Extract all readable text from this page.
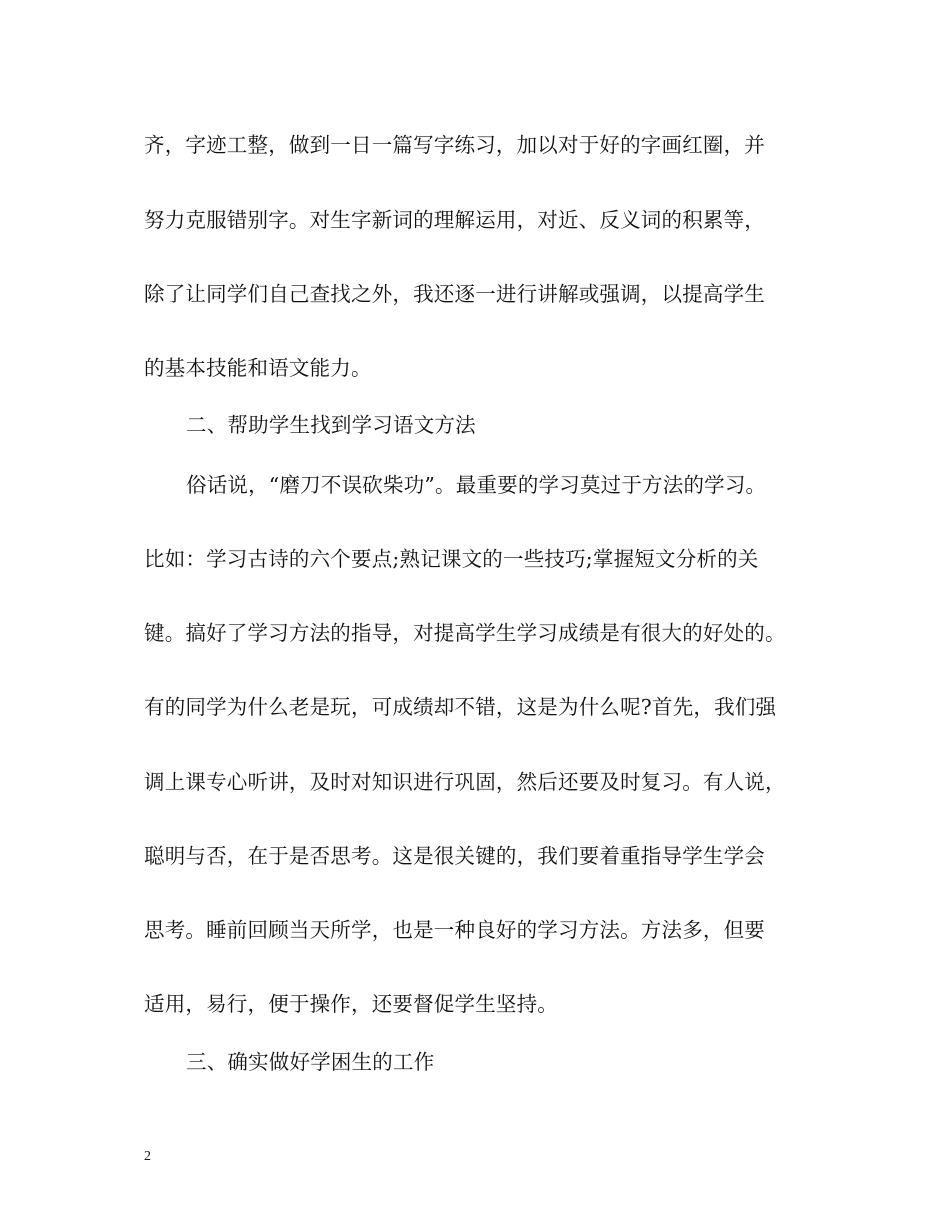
齐，字迹工整，做到一日一篇写字练习，加以对于好的字画红圈，并
努力克服错别字。对生字新词的理解运用，对近、反义词的积累等，
除了让同学们自己查找之外，我还逐一进行讲解或强调，以提高学生
的基本技能和语文能力。
二、帮助学生找到学习语文方法
俗话说，“磨刀不误砍柴功”。最重要的学习莫过于方法的学习。
比如：学习古诗的六个要点;熟记课文的一些技巧;掌握短文分析的关
键。搞好了学习方法的指导，对提高学生学习成绩是有很大的好处的。
有的同学为什么老是玩，可成绩却不错，这是为什么呢?首先，我们强
调上课专心听讲，及时对知识进行巩固，然后还要及时复习。有人说，
聪明与否，在于是否思考。这是很关键的，我们要着重指导学生学会
思考。睡前回顾当天所学，也是一种良好的学习方法。方法多，但要
适用，易行，便于操作，还要督促学生坚持。
三、确实做好学困生的工作
2
